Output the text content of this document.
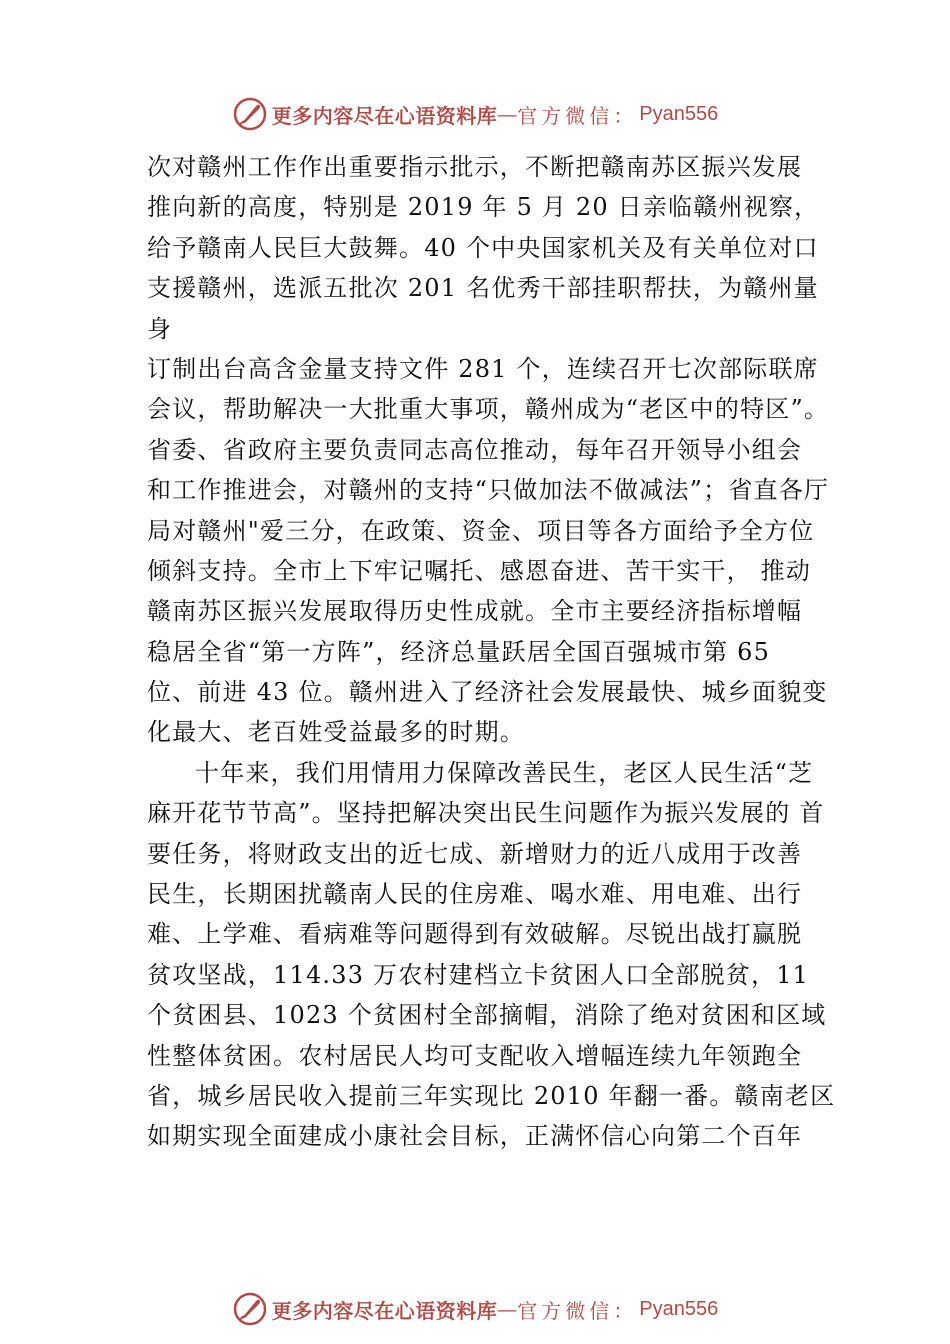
更多内容尽在心语资料库 — 官方微信： Pyan556
次对赣州工作作出重要指示批示，不断把赣南苏区振兴发展
推向新的高度，特别是 2019 年 5 月 20 日亲临赣州视察，
给予赣南人民巨大鼓舞。40 个中央国家机关及有关单位对口
支援赣州，选派五批次 201 名优秀干部挂职帮扶，为赣州量
身
订制出台高含金量支持文件 281 个，连续召开七次部际联席
会议，帮助解决一大批重大事项，赣州成为“老区中的特区”。
省委、省政府主要负责同志高位推动，每年召开领导小组会
和工作推进会，对赣州的支持“只做加法不做减法”；省直各厅
局对赣州"爱三分，在政策、资金、项目等各方面给予全方位
倾斜支持。全市上下牢记嘱托、感恩奋进、苦干实干， 推动
赣南苏区振兴发展取得历史性成就。全市主要经济指标增幅
稳居全省“第一方阵”，经济总量跃居全国百强城市第 65
位、前进 43 位。赣州进入了经济社会发展最快、城乡面貌变
化最大、老百姓受益最多的时期。
十年来，我们用情用力保障改善民生，老区人民生活“芝
麻开花节节高”。坚持把解决突出民生问题作为振兴发展的 首
要任务，将财政支出的近七成、新增财力的近八成用于改善
民生，长期困扰赣南人民的住房难、喝水难、用电难、出行
难、上学难、看病难等问题得到有效破解。尽锐出战打赢脱
贫攻坚战，114.33 万农村建档立卡贫困人口全部脱贫，11
个贫困县、1023 个贫困村全部摘帽，消除了绝对贫困和区域
性整体贫困。农村居民人均可支配收入增幅连续九年领跑全
省，城乡居民收入提前三年实现比 2010 年翻一番。赣南老区
如期实现全面建成小康社会目标，正满怀信心向第二个百年
更多内容尽在心语资料库 — 官方微信： Pyan556
